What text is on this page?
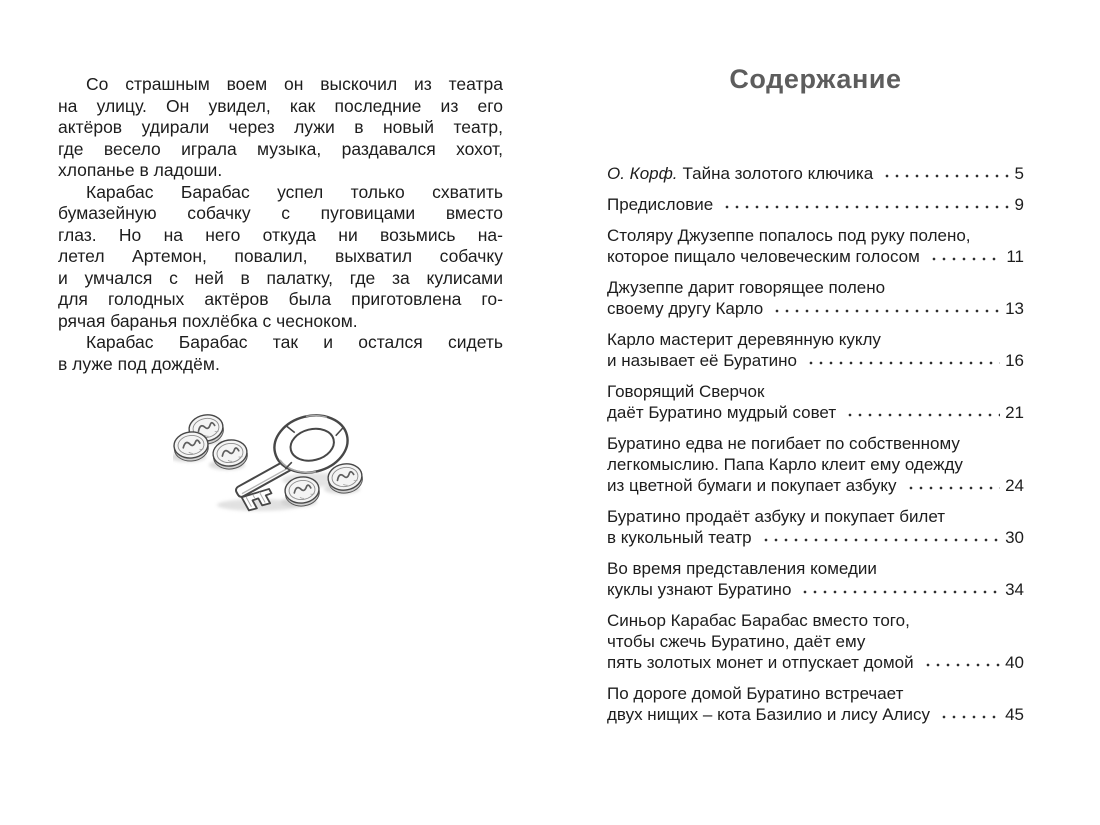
Со страшным воем он выскочил из театра
на улицу. Он увидел, как последние из его
актёров удирали через лужи в новый театр,
где весело играла музыка, раздавался хохот,
хлопанье в ладоши.
Карабас Барабас успел только схватить
бумазейную собачку с пуговицами вместо
глаз. Но на него откуда ни возьмись на-
летел Артемон, повалил, выхватил собачку
и умчался с ней в палатку, где за кулисами
для голодных актёров была приготовлена го-
рячая баранья похлёбка с чесноком.
Карабас Барабас так и остался сидеть
в луже под дождём.
Содержание
О. Корф. Тайна золотого ключика	5
Предисловие	9
Столяру Джузеппе попалось под руку полено,
которое пищало человеческим голосом	11
Джузеппе дарит говорящее полено
своему другу Карло	13
Карло мастерит деревянную куклу
и называет её Буратино	16
Говорящий Сверчок
даёт Буратино мудрый совет	21
Буратино едва не погибает по собственному
легкомыслию. Папа Карло клеит ему одежду
из цветной бумаги и покупает азбуку	24
Буратино продаёт азбуку и покупает билет
в кукольный театр	30
Во время представления комедии
куклы узнают Буратино	34
Синьор Карабас Барабас вместо того,
чтобы сжечь Буратино, даёт ему
пять золотых монет и отпускает домой	40
По дороге домой Буратино встречает
двух нищих – кота Базилио и лису Алису	45
